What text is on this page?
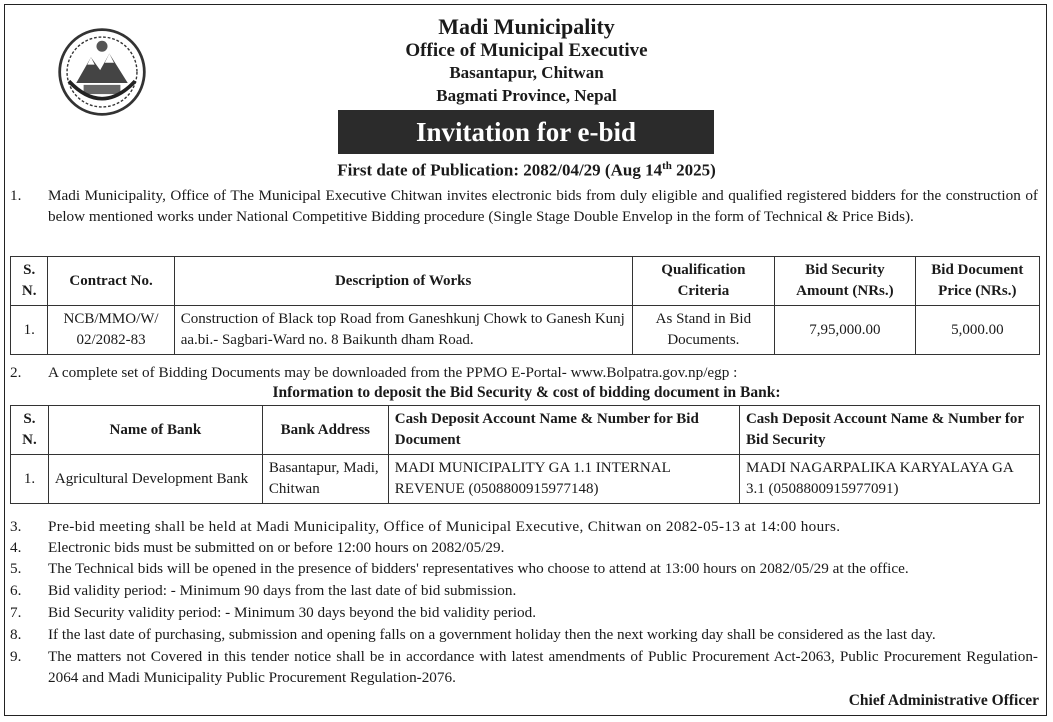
Madi Municipality
Office of Municipal Executive
Basantapur, Chitwan
Bagmati Province, Nepal
Invitation for e-bid
First date of Publication: 2082/04/29 (Aug 14th 2025)
1. Madi Municipality, Office of The Municipal Executive Chitwan invites electronic bids from duly eligible and qualified registered bidders for the construction of below mentioned works under National Competitive Bidding procedure (Single Stage Double Envelop in the form of Technical & Price Bids).
S. N.	Contract No.	Description of Works	Qualification Criteria	Bid Security Amount (NRs.)	Bid Document Price (NRs.)
1.	NCB/MMO/W/ 02/2082-83	Construction of Black top Road from Ganeshkunj Chowk to Ganesh Kunj aa.bi.- Sagbari-Ward no. 8 Baikunth dham Road.	As Stand in Bid Documents.	7,95,000.00	5,000.00
2. A complete set of Bidding Documents may be downloaded from the PPMO E-Portal- www.Bolpatra.gov.np/egp :
Information to deposit the Bid Security & cost of bidding document in Bank:
S. N.	Name of Bank	Bank Address	Cash Deposit Account Name & Number for Bid Document	Cash Deposit Account Name & Number for Bid Security
1.	Agricultural Development Bank	Basantapur, Madi, Chitwan	MADI MUNICIPALITY GA 1.1 INTERNAL REVENUE (0508800915977148)	MADI NAGARPALIKA KARYALAYA GA 3.1 (0508800915977091)
3. Pre-bid meeting shall be held at Madi Municipality, Office of Municipal Executive, Chitwan on 2082-05-13 at 14:00 hours.
4. Electronic bids must be submitted on or before 12:00 hours on 2082/05/29.
5. The Technical bids will be opened in the presence of bidders' representatives who choose to attend at 13:00 hours on 2082/05/29 at the office.
6. Bid validity period: - Minimum 90 days from the last date of bid submission.
7. Bid Security validity period: - Minimum 30 days beyond the bid validity period.
8. If the last date of purchasing, submission and opening falls on a government holiday then the next working day shall be considered as the last day.
9. The matters not Covered in this tender notice shall be in accordance with latest amendments of Public Procurement Act-2063, Public Procurement Regulation-2064 and Madi Municipality Public Procurement Regulation-2076.
Chief Administrative Officer
